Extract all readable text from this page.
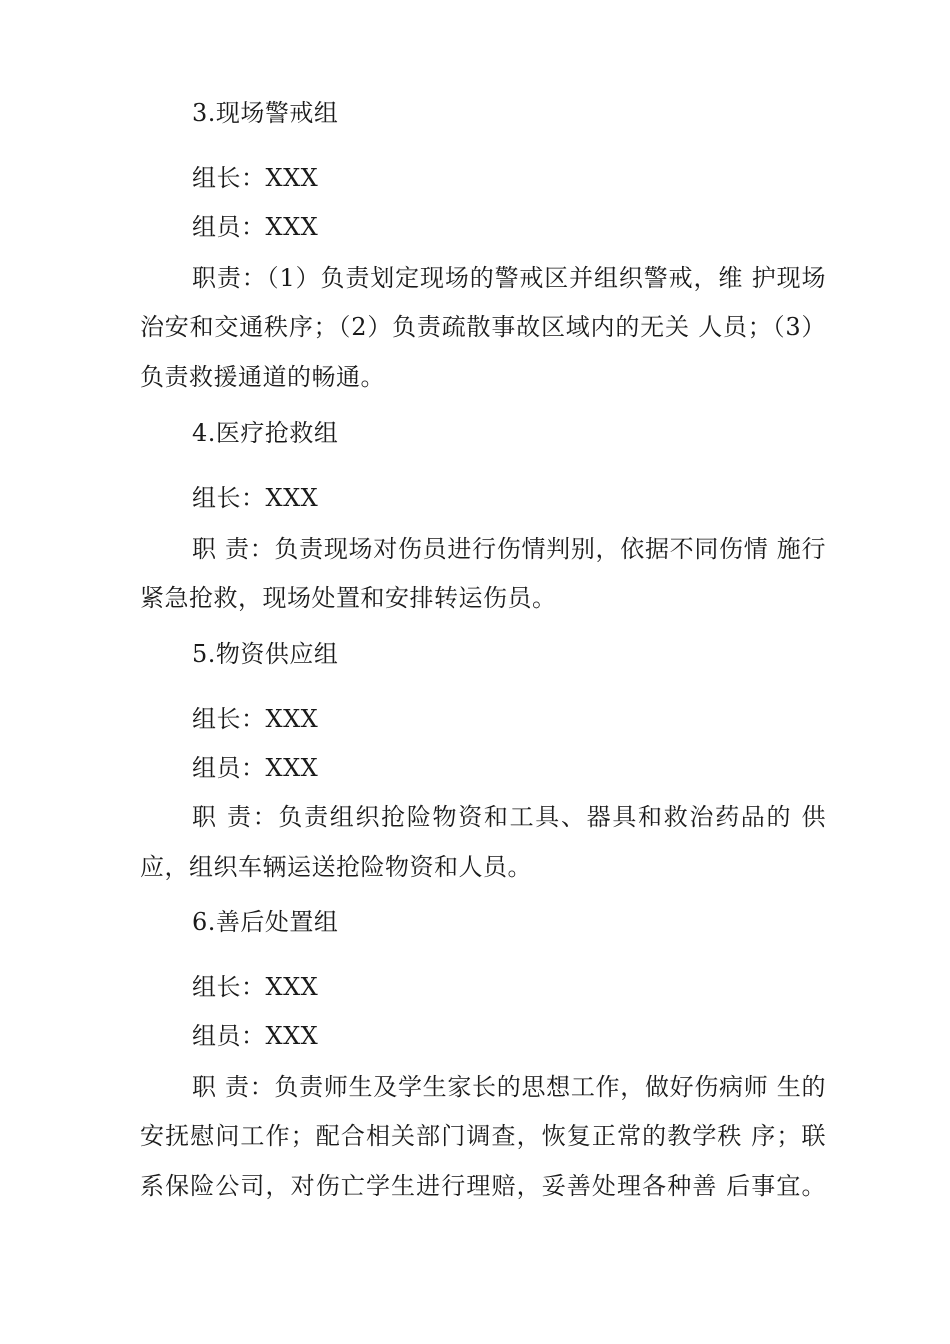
3.现场警戒组
组长：XXX
组员：XXX
职责：（1）负责划定现场的警戒区并组织警戒，维 护现场
治安和交通秩序；（2）负责疏散事故区域内的无关 人员；（3）
负责救援通道的畅通。
4.医疗抢救组
组长：XXX
职 责：负责现场对伤员进行伤情判别，依据不同伤情 施行
紧急抢救，现场处置和安排转运伤员。
5.物资供应组
组长：XXX
组员：XXX
职 责：负责组织抢险物资和工具、器具和救治药品的 供
应，组织车辆运送抢险物资和人员。
6.善后处置组
组长：XXX
组员：XXX
职 责：负责师生及学生家长的思想工作，做好伤病师 生的
安抚慰问工作；配合相关部门调查，恢复正常的教学秩 序；联
系保险公司，对伤亡学生进行理赔，妥善处理各种善 后事宜。
